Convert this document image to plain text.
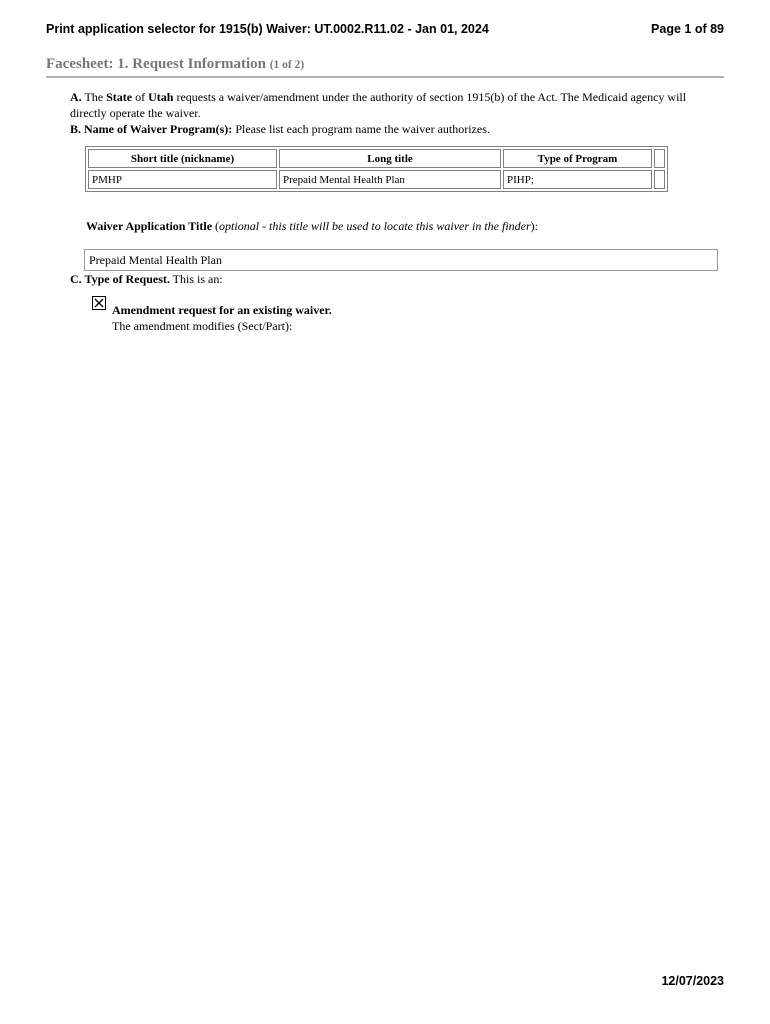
Print application selector for 1915(b) Waiver: UT.0002.R11.02 - Jan 01, 2024	Page 1 of 89
Facesheet: 1. Request Information (1 of 2)
A. The State of Utah requests a waiver/amendment under the authority of section 1915(b) of the Act. The Medicaid agency will directly operate the waiver.
B. Name of Waiver Program(s): Please list each program name the waiver authorizes.
Short title (nickname)	Long title	Type of Program	
PMHP	Prepaid Mental Health Plan	PIHP;	
Waiver Application Title (optional - this title will be used to locate this waiver in the finder):
Prepaid Mental Health Plan
C. Type of Request. This is an:
Amendment request for an existing waiver.
The amendment modifies (Sect/Part):
12/07/2023
